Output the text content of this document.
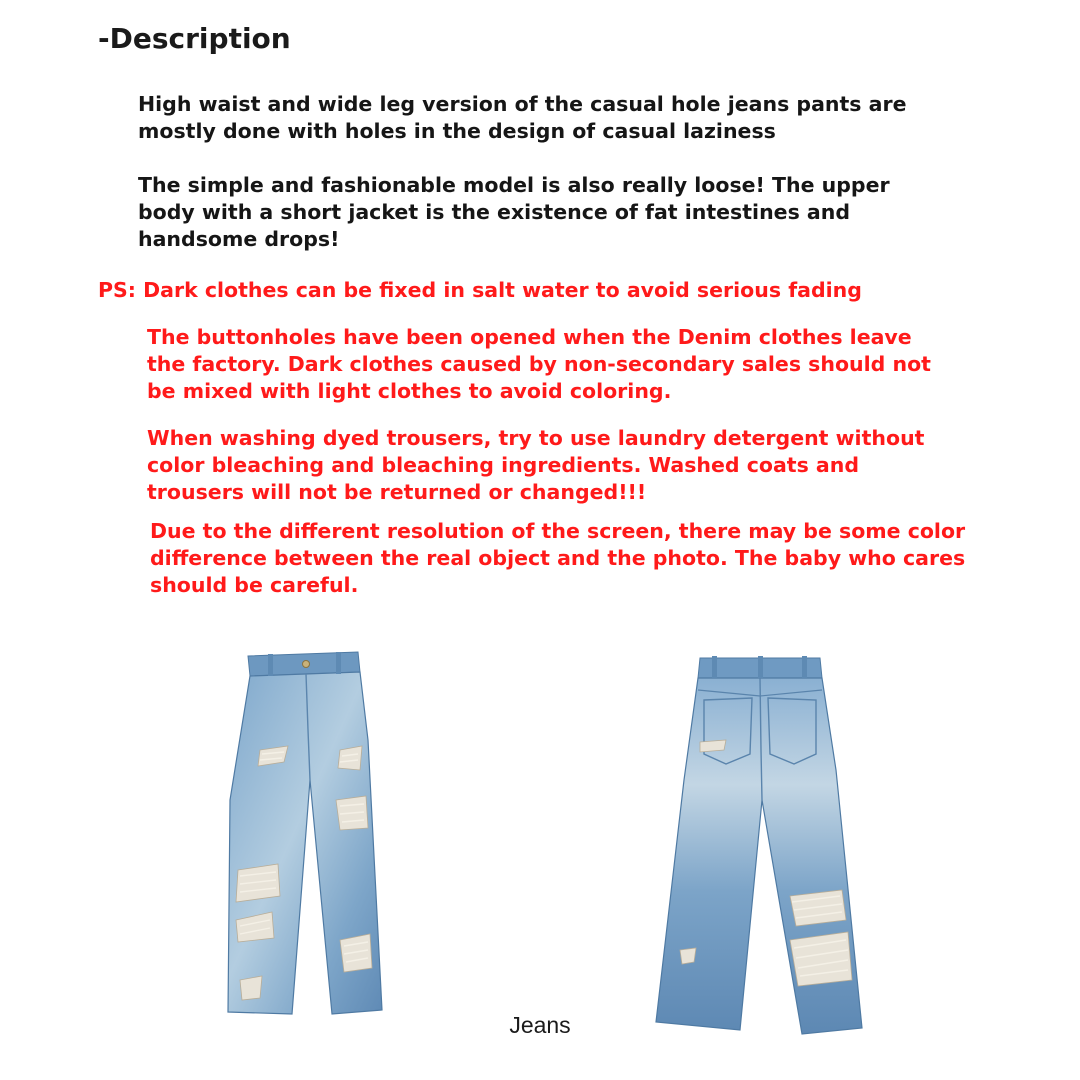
-Description

High waist and wide leg version of the casual hole jeans pants are
mostly done with holes in the design of casual laziness

The simple and fashionable model is also really loose! The upper
body with a short jacket is the existence of fat intestines and
handsome drops!

PS: Dark clothes can be fixed in salt water to avoid serious fading

The buttonholes have been opened when the Denim clothes leave
the factory. Dark clothes caused by non-secondary sales should not
be mixed with light clothes to avoid coloring.

When washing dyed trousers, try to use laundry detergent without
color bleaching and bleaching ingredients. Washed coats and
trousers will not be returned or changed!!!

Due to the different resolution of the screen, there may be some color
difference between the real object and the photo. The baby who cares
should be careful.

Jeans
